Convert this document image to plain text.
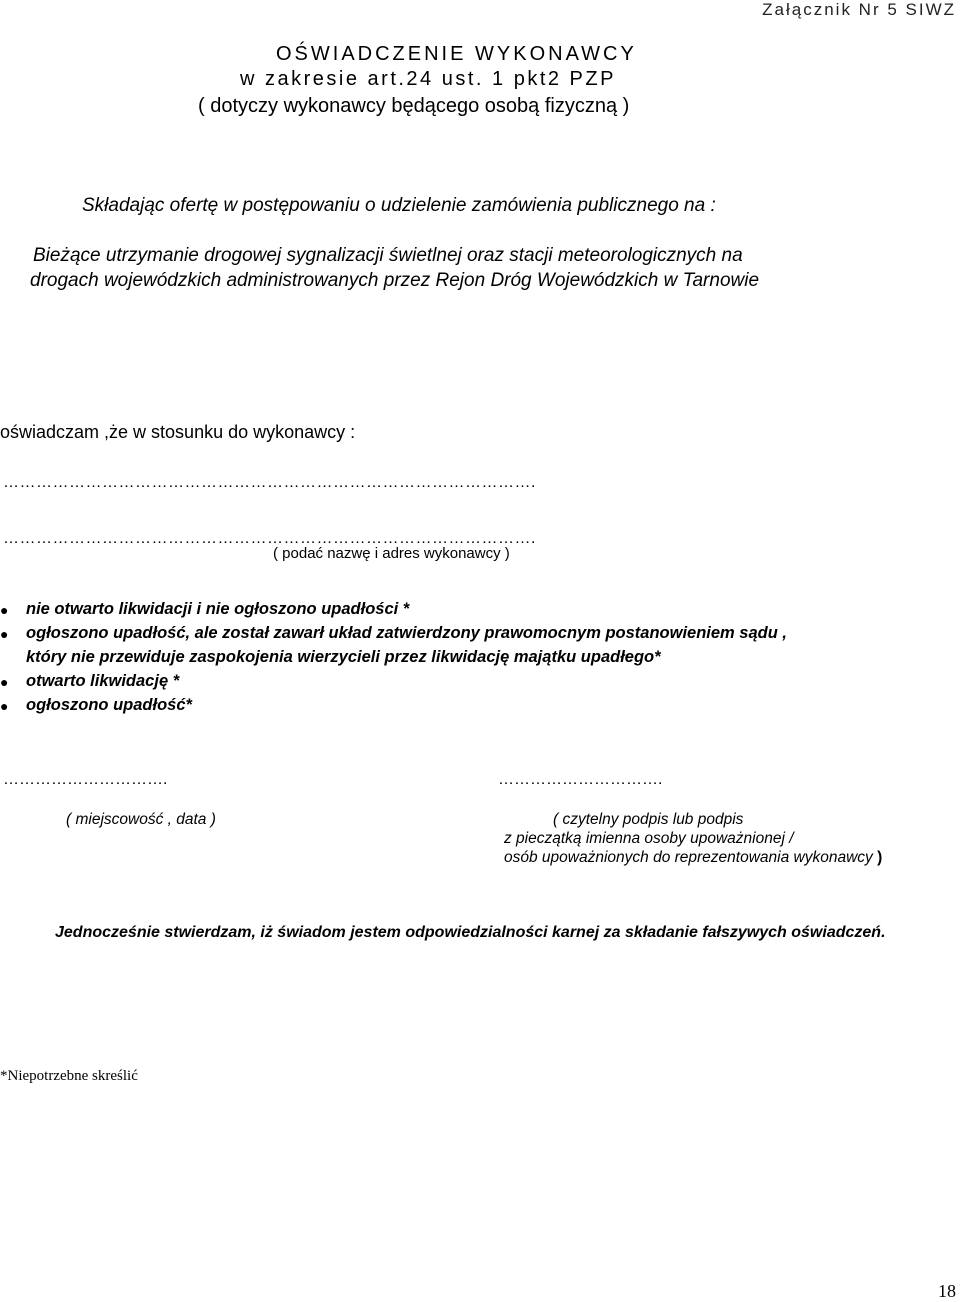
Załącznik Nr 5 SIWZ
OŚWIADCZENIE WYKONAWCY
w zakresie art.24 ust. 1 pkt2 PZP
( dotyczy wykonawcy będącego osobą fizyczną )
Składając ofertę w postępowaniu o udzielenie zamówienia publicznego na :
Bieżące utrzymanie drogowej sygnalizacji świetlnej oraz stacji meteorologicznych na
drogach wojewódzkich administrowanych przez Rejon Dróg Wojewódzkich w Tarnowie
oświadczam ,że w stosunku do wykonawcy :
…………………………………………………………………………………….
…………………………………………………………………………………….
( podać nazwę i adres wykonawcy )
●	nie otwarto likwidacji i nie ogłoszono upadłości *
●	ogłoszono upadłość, ale został zawarł układ zatwierdzony prawomocnym postanowieniem sądu ,
który nie przewiduje zaspokojenia wierzycieli przez likwidację majątku upadłego*
●	otwarto likwidację *
●	ogłoszono upadłość*
………………………….	………………………….
( miejscowość , data )	( czytelny podpis lub podpis
z pieczątką imienna osoby upoważnionej /
osób upoważnionych do reprezentowania wykonawcy )
Jednocześnie stwierdzam, iż świadom jestem odpowiedzialności karnej za składanie fałszywych oświadczeń.
*Niepotrzebne skreślić
18
